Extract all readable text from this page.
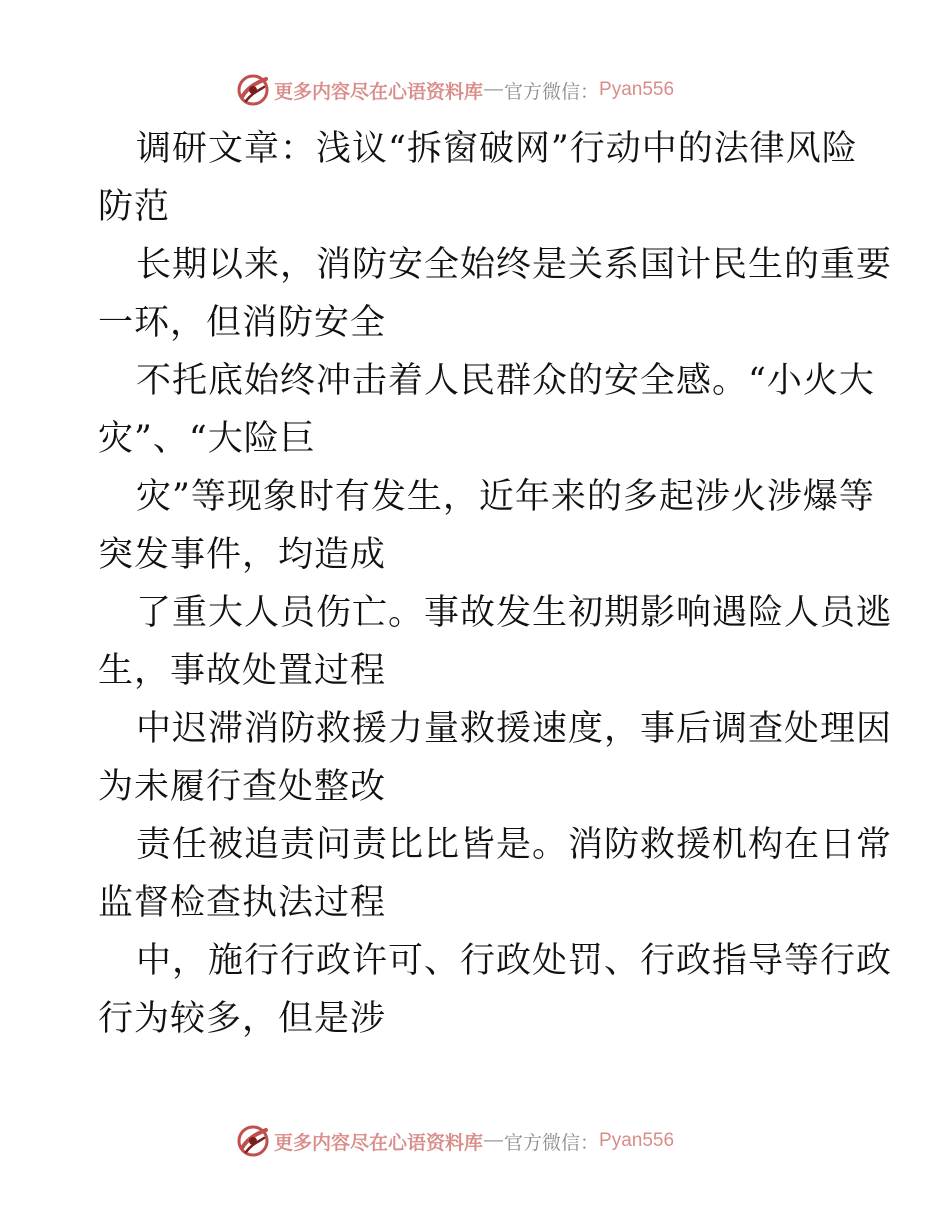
更多内容尽在心语资料库 — 官方微信： Pyan556
调研文章：浅议“拆窗破网”行动中的法律风险
防范
长期以来，消防安全始终是关系国计民生的重要
一环，但消防安全
不托底始终冲击着人民群众的安全感。“小火大
灾”、“大险巨
灾”等现象时有发生，近年来的多起涉火涉爆等
突发事件，均造成
了重大人员伤亡。事故发生初期影响遇险人员逃
生，事故处置过程
中迟滞消防救援力量救援速度，事后调查处理因
为未履行查处整改
责任被追责问责比比皆是。消防救援机构在日常
监督检查执法过程
中，施行行政许可、行政处罚、行政指导等行政
行为较多，但是涉
更多内容尽在心语资料库 — 官方微信： Pyan556
